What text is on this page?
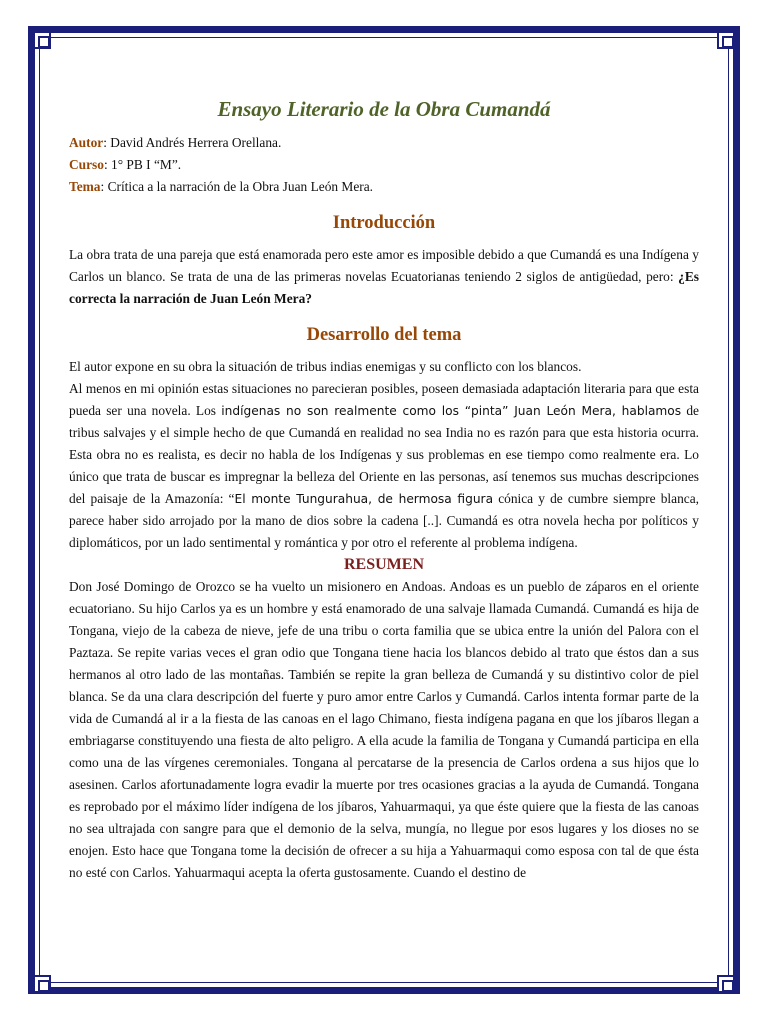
Ensayo Literario de la Obra Cumandá

Autor: David Andrés Herrera Orellana.

Curso: 1° PB I “M”.

Tema: Crítica a la narración de la Obra Juan León Mera.

Introducción

La obra trata de una pareja que está enamorada pero este amor es imposible debido a que Cumandá es una Indígena y Carlos un blanco. Se trata de una de las primeras novelas Ecuatorianas teniendo 2 siglos de antigüedad, pero: ¿Es correcta la narración de Juan León Mera?

Desarrollo del tema

El autor expone en su obra la situación de tribus indias enemigas y su conflicto con los blancos.

Al menos en mi opinión estas situaciones no parecieran posibles, poseen demasiada adaptación literaria para que esta pueda ser una novela. Los indígenas no son realmente como los “pinta” Juan León Mera, hablamos de tribus salvajes y el simple hecho de que Cumandá en realidad no sea India no es razón para que esta historia ocurra. Esta obra no es realista, es decir no habla de los Indígenas y sus problemas en ese tiempo como realmente era. Lo único que trata de buscar es impregnar la belleza del Oriente en las personas, así tenemos sus muchas descripciones del paisaje de la Amazonía: “El monte Tungurahua, de hermosa figura cónica y de cumbre siempre blanca, parece haber sido arrojado por la mano de dios sobre la cadena [..]. Cumandá es otra novela hecha por políticos y diplomáticos, por un lado sentimental y romántica y por otro el referente al problema indígena.

RESUMEN

Don José Domingo de Orozco se ha vuelto un misionero en Andoas. Andoas es un pueblo de záparos en el oriente ecuatoriano. Su hijo Carlos ya es un hombre y está enamorado de una salvaje llamada Cumandá. Cumandá es hija de Tongana, viejo de la cabeza de nieve, jefe de una tribu o corta familia que se ubica entre la unión del Palora con el Paztaza. Se repite varias veces el gran odio que Tongana tiene hacia los blancos debido al trato que éstos dan a sus hermanos al otro lado de las montañas. También se repite la gran belleza de Cumandá y su distintivo color de piel blanca. Se da una clara descripción del fuerte y puro amor entre Carlos y Cumandá. Carlos intenta formar parte de la vida de Cumandá al ir a la fiesta de las canoas en el lago Chimano, fiesta indígena pagana en que los jíbaros llegan a embriagarse constituyendo una fiesta de alto peligro. A ella acude la familia de Tongana y Cumandá participa en ella como una de las vírgenes ceremoniales. Tongana al percatarse de la presencia de Carlos ordena a sus hijos que lo asesinen. Carlos afortunadamente logra evadir la muerte por tres ocasiones gracias a la ayuda de Cumandá. Tongana es reprobado por el máximo líder indígena de los jíbaros, Yahuarmaqui, ya que éste quiere que la fiesta de las canoas no sea ultrajada con sangre para que el demonio de la selva, mungía, no llegue por esos lugares y los dioses no se enojen. Esto hace que Tongana tome la decisión de ofrecer a su hija a Yahuarmaqui como esposa con tal de que ésta no esté con Carlos. Yahuarmaqui acepta la oferta gustosamente. Cuando el destino de
